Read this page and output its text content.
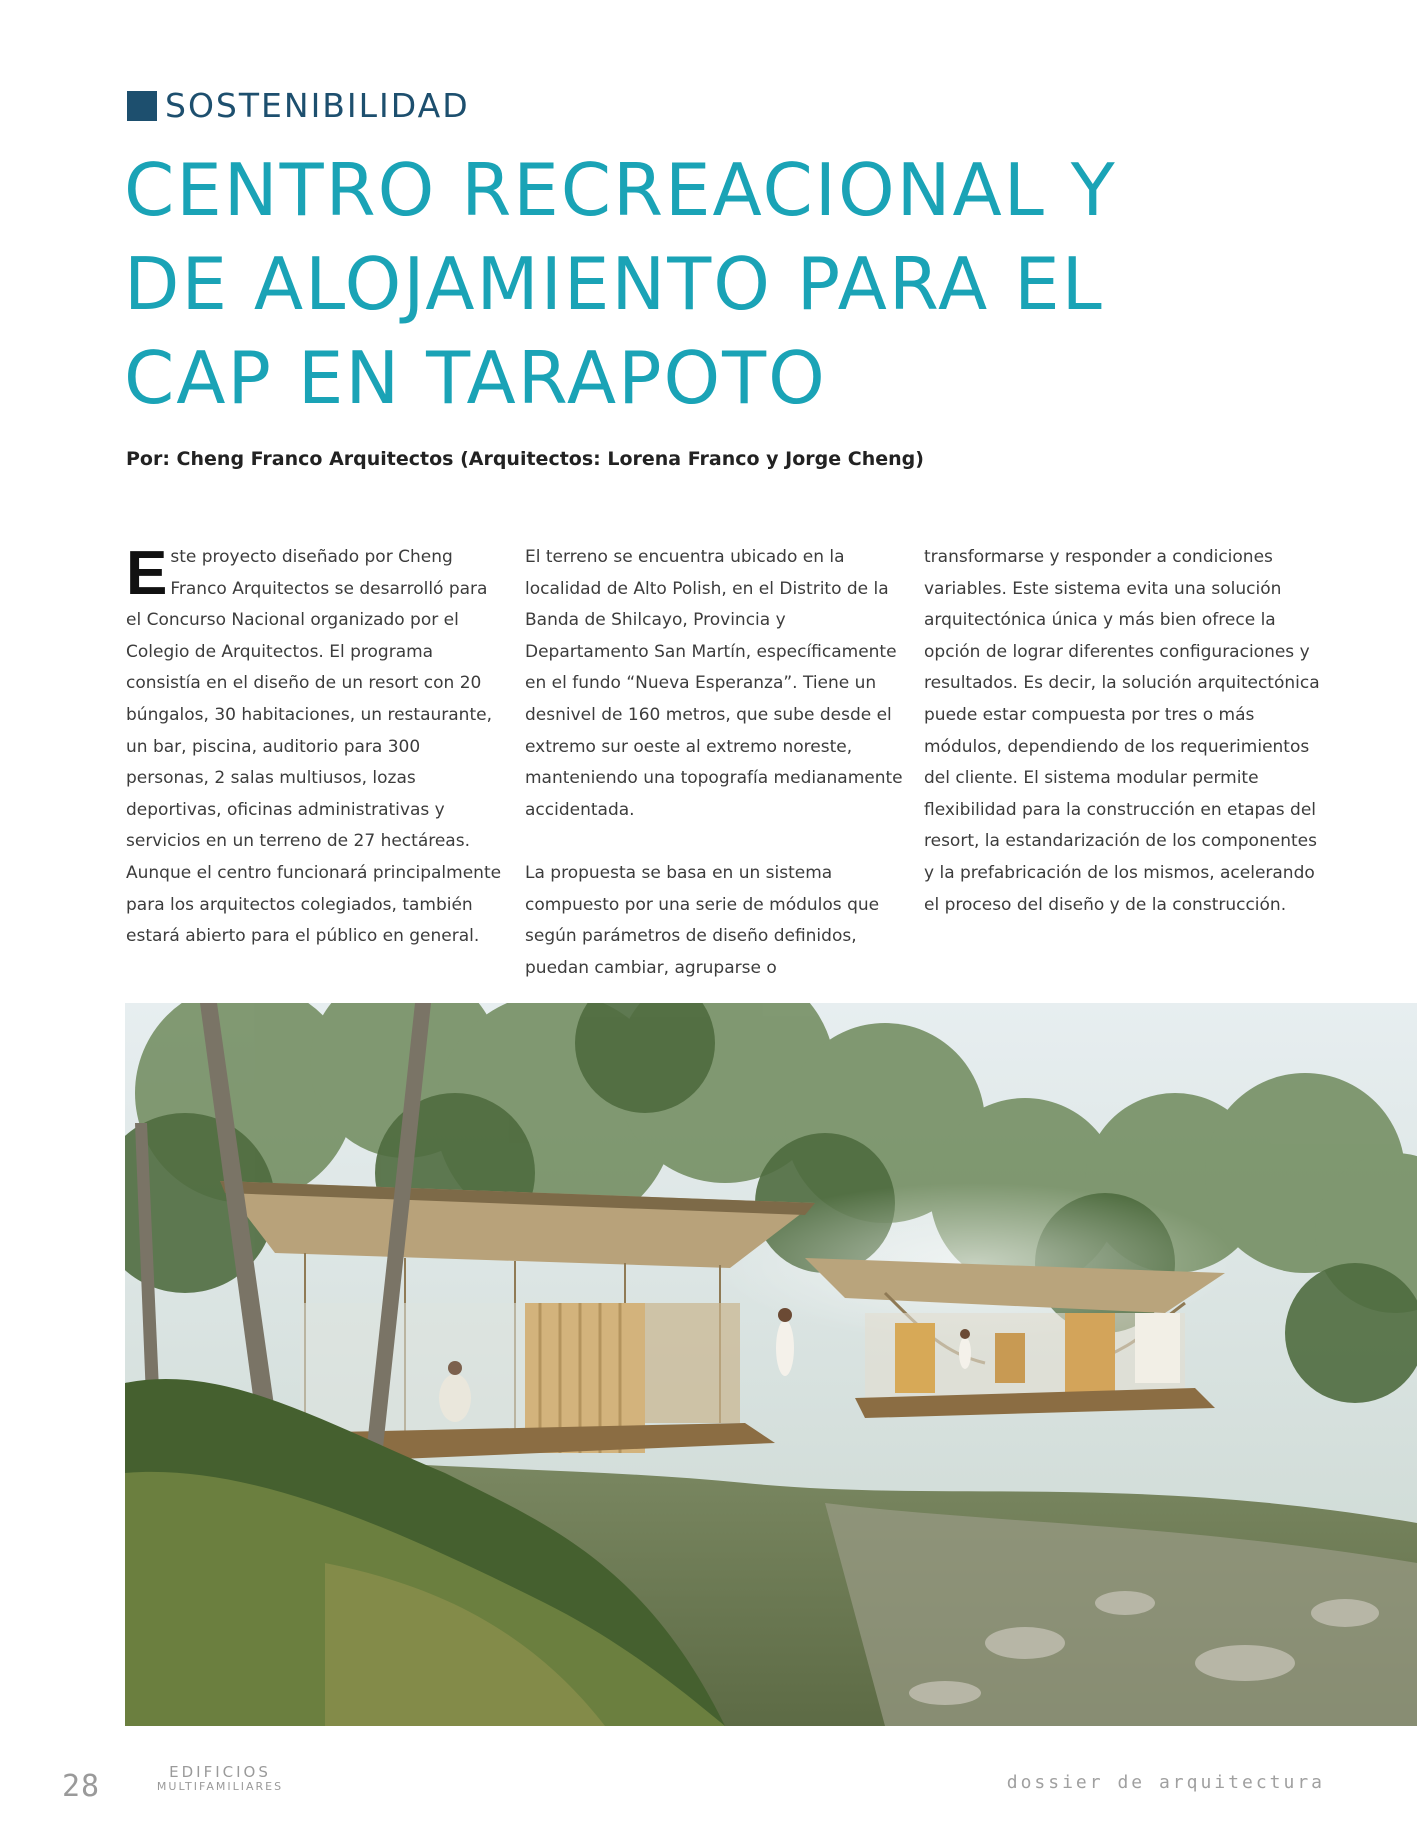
SOSTENIBILIDAD
CENTRO RECREACIONAL Y
DE ALOJAMIENTO PARA EL
CAP EN TARAPOTO
Por: Cheng Franco Arquitectos (Arquitectos: Lorena Franco y Jorge Cheng)

Este proyecto diseñado por Cheng Franco Arquitectos se desarrolló para el Concurso Nacional organizado por el Colegio de Arquitectos. El programa consistía en el diseño de un resort con 20 búngalos, 30 habitaciones, un restaurante, un bar, piscina, auditorio para 300 personas, 2 salas multiusos, lozas deportivas, oficinas administrativas y servicios en un terreno de 27 hectáreas. Aunque el centro funcionará principalmente para los arquitectos colegiados, también estará abierto para el público en general.

El terreno se encuentra ubicado en la localidad de Alto Polish, en el Distrito de la Banda de Shilcayo, Provincia y Departamento San Martín, específicamente en el fundo “Nueva Esperanza”. Tiene un desnivel de 160 metros, que sube desde el extremo sur oeste al extremo noreste, manteniendo una topografía medianamente accidentada.

La propuesta se basa en un sistema compuesto por una serie de módulos que según parámetros de diseño definidos, puedan cambiar, agruparse o

transformarse y responder a condiciones variables. Este sistema evita una solución arquitectónica única y más bien ofrece la opción de lograr diferentes configuraciones y resultados. Es decir, la solución arquitectónica puede estar compuesta por tres o más módulos, dependiendo de los requerimientos del cliente. El sistema modular permite flexibilidad para la construcción en etapas del resort, la estandarización de los componentes y la prefabricación de los mismos, acelerando el proceso del diseño y de la construcción.

28	EDIFICIOS
MULTIFAMILIARES	dossier de arquitectura
